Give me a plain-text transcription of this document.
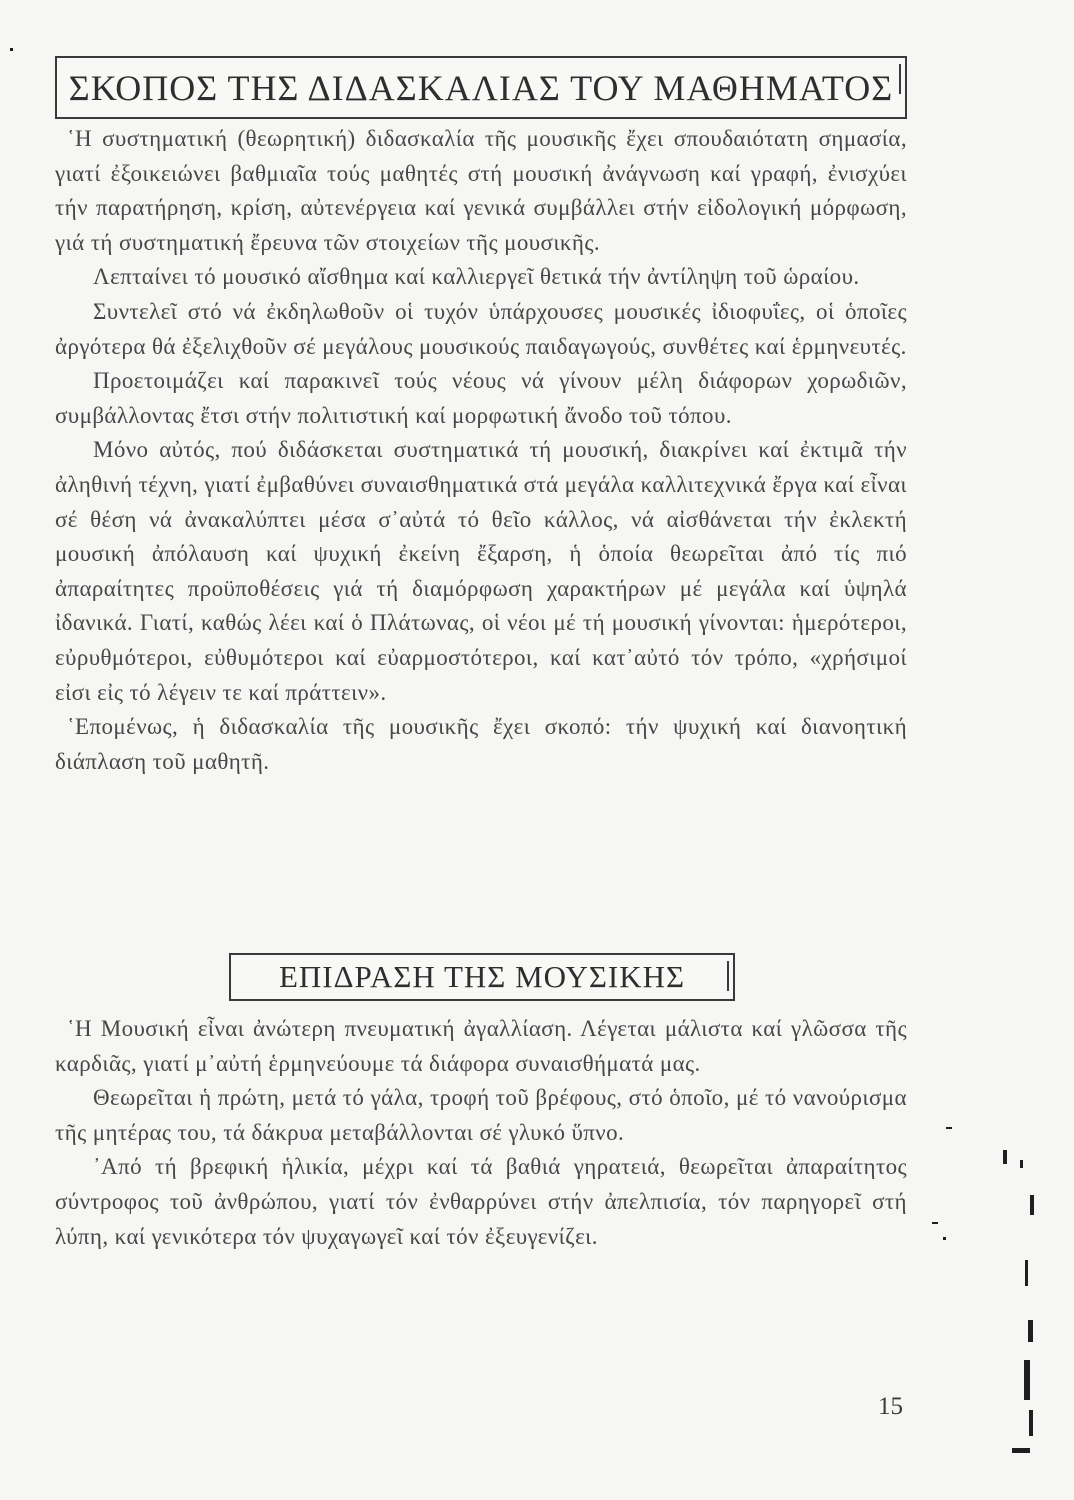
ΣΚΟΠΟΣ ΤΗΣ ΔΙΔΑΣΚΑΛΙΑΣ ΤΟΥ ΜΑΘΗΜΑΤΟΣ

῾Η συστηματική (θεωρητική) διδασκαλία τῆς μουσικῆς ἔχει σπουδαιότατη σημασία, γιατί ἐξοικειώνει βαθμιαῖα τούς μαθητές στή μουσική ἀνάγνωση καί γραφή, ἐνισχύει τήν παρατήρηση, κρίση, αὐτενέργεια καί γενικά συμβάλλει στήν εἰδολογική μόρφωση, γιά τή συστηματική ἔρευνα τῶν στοιχείων τῆς μουσικῆς.

Λεπταίνει τό μουσικό αἴσθημα καί καλλιεργεῖ θετικά τήν ἀντίληψη τοῦ ὡραίου.

Συντελεῖ στό νά ἐκδηλωθοῦν οἱ τυχόν ὑπάρχουσες μουσικές ἰδιοφυΐες, οἱ ὁποῖες ἀργότερα θά ἐξελιχθοῦν σέ μεγάλους μουσικούς παιδαγωγούς, συνθέτες καί ἑρμηνευτές.

Προετοιμάζει καί παρακινεῖ τούς νέους νά γίνουν μέλη διάφορων χορωδιῶν, συμβάλλοντας ἔτσι στήν πολιτιστική καί μορφωτική ἄνοδο τοῦ τόπου.

Μόνο αὐτός, πού διδάσκεται συστηματικά τή μουσική, διακρίνει καί ἐκτιμᾶ τήν ἀληθινή τέχνη, γιατί ἐμβαθύνει συναισθηματικά στά μεγάλα καλλιτεχνικά ἔργα καί εἶναι σέ θέση νά ἀνακαλύπτει μέσα σ᾽αὐτά τό θεῖο κάλλος, νά αἰσθάνεται τήν ἐκλεκτή μουσική ἀπόλαυση καί ψυχική ἐκείνη ἔξαρση, ἡ ὁποία θεωρεῖται ἀπό τίς πιό ἀπαραίτητες προϋποθέσεις γιά τή διαμόρφωση χαρακτήρων μέ μεγάλα καί ὑψηλά ἰδανικά. Γιατί, καθώς λέει καί ὁ Πλάτωνας, οἱ νέοι μέ τή μουσική γίνονται: ἡμερότεροι, εὐρυθμότεροι, εὐθυμότεροι καί εὐαρμοστότεροι, καί κατ᾽αὐτό τόν τρόπο, «χρήσιμοί εἰσι εἰς τό λέγειν τε καί πράττειν».

῾Επομένως, ἡ διδασκαλία τῆς μουσικῆς ἔχει σκοπό: τήν ψυχική καί διανοητική διάπλαση τοῦ μαθητῆ.

ΕΠΙΔΡΑΣΗ ΤΗΣ ΜΟΥΣΙΚΗΣ

῾Η Μουσική εἶναι ἀνώτερη πνευματική ἀγαλλίαση. Λέγεται μάλιστα καί γλῶσσα τῆς καρδιᾶς, γιατί μ᾽αὐτή ἑρμηνεύουμε τά διάφορα συναισθήματά μας.

Θεωρεῖται ἡ πρώτη, μετά τό γάλα, τροφή τοῦ βρέφους, στό ὁποῖο, μέ τό νανούρισμα τῆς μητέρας του, τά δάκρυα μεταβάλλονται σέ γλυκό ὕπνο.

᾽Από τή βρεφική ἡλικία, μέχρι καί τά βαθιά γηρατειά, θεωρεῖται ἀπαραίτητος σύντροφος τοῦ ἀνθρώπου, γιατί τόν ἐνθαρρύνει στήν ἀπελπισία, τόν παρηγορεῖ στή λύπη, καί γενικότερα τόν ψυχαγωγεῖ καί τόν ἐξευγενίζει.

15
